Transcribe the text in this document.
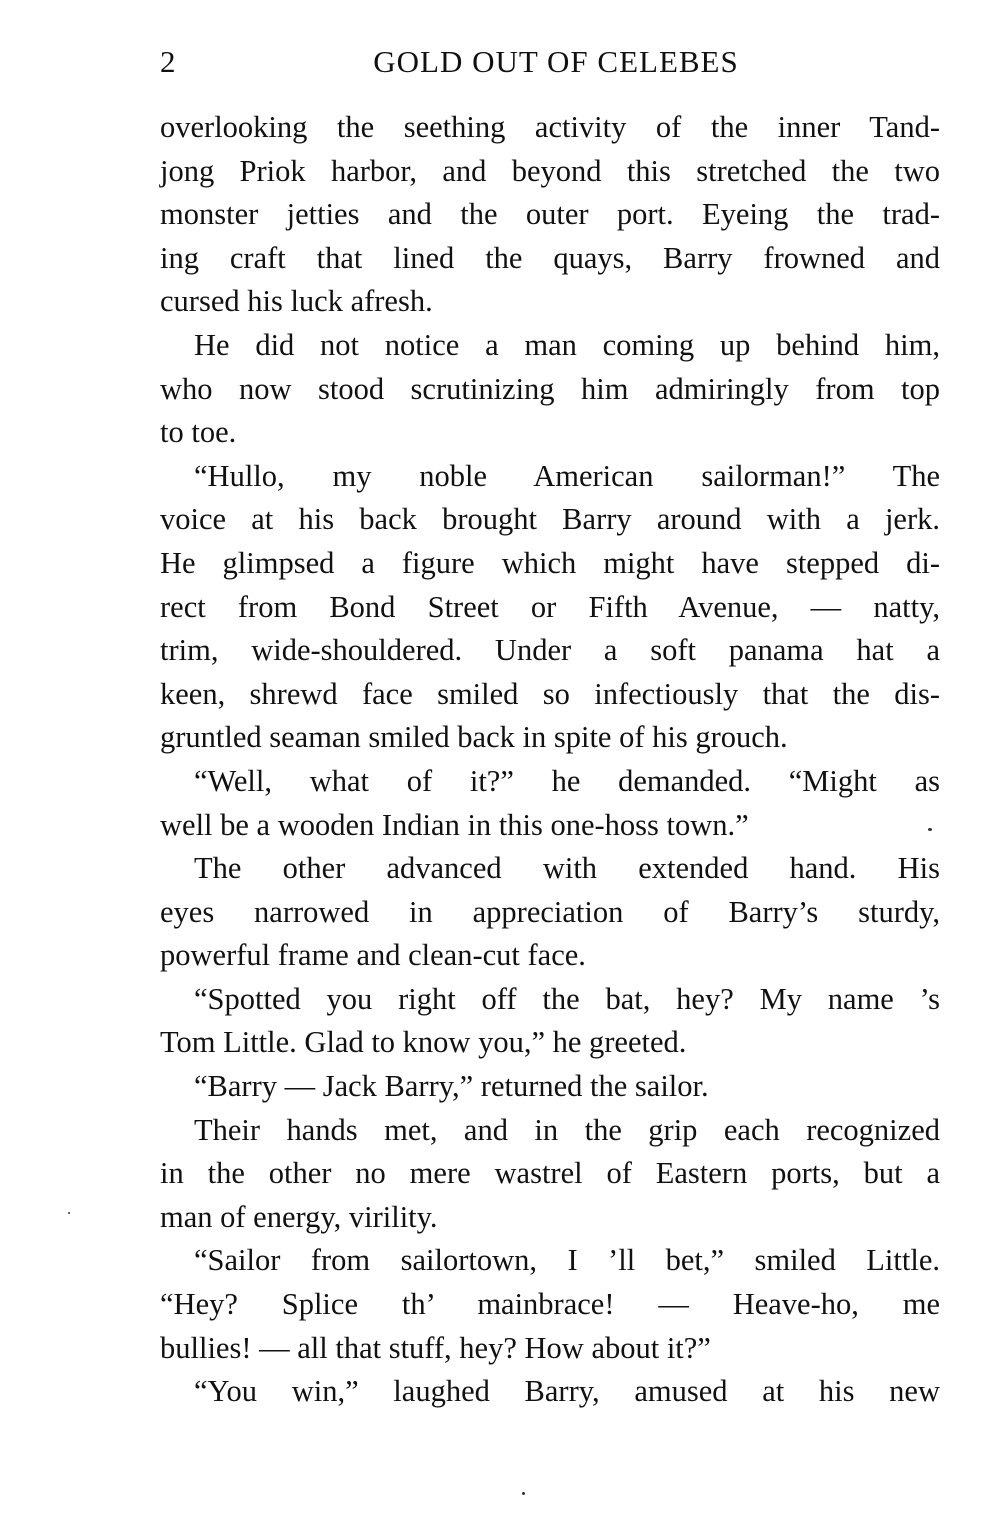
2	GOLD OUT OF CELEBES
overlooking the seething activity of the inner Tand-
jong Priok harbor, and beyond this stretched the two
monster jetties and the outer port. Eyeing the trad-
ing craft that lined the quays, Barry frowned and
cursed his luck afresh.
He did not notice a man coming up behind him,
who now stood scrutinizing him admiringly from top
to toe.
“Hullo, my noble American sailorman!” The
voice at his back brought Barry around with a jerk.
He glimpsed a figure which might have stepped di-
rect from Bond Street or Fifth Avenue, — natty,
trim, wide-shouldered. Under a soft panama hat a
keen, shrewd face smiled so infectiously that the dis-
gruntled seaman smiled back in spite of his grouch.
“Well, what of it?” he demanded. “Might as
well be a wooden Indian in this one-hoss town.”
The other advanced with extended hand. His
eyes narrowed in appreciation of Barry’s sturdy,
powerful frame and clean-cut face.
“Spotted you right off the bat, hey? My name ’s
Tom Little. Glad to know you,” he greeted.
“Barry — Jack Barry,” returned the sailor.
Their hands met, and in the grip each recognized
in the other no mere wastrel of Eastern ports, but a
man of energy, virility.
“Sailor from sailortown, I ’ll bet,” smiled Little.
“Hey? Splice th’ mainbrace! — Heave-ho, me
bullies! — all that stuff, hey? How about it?”
“You win,” laughed Barry, amused at his new
